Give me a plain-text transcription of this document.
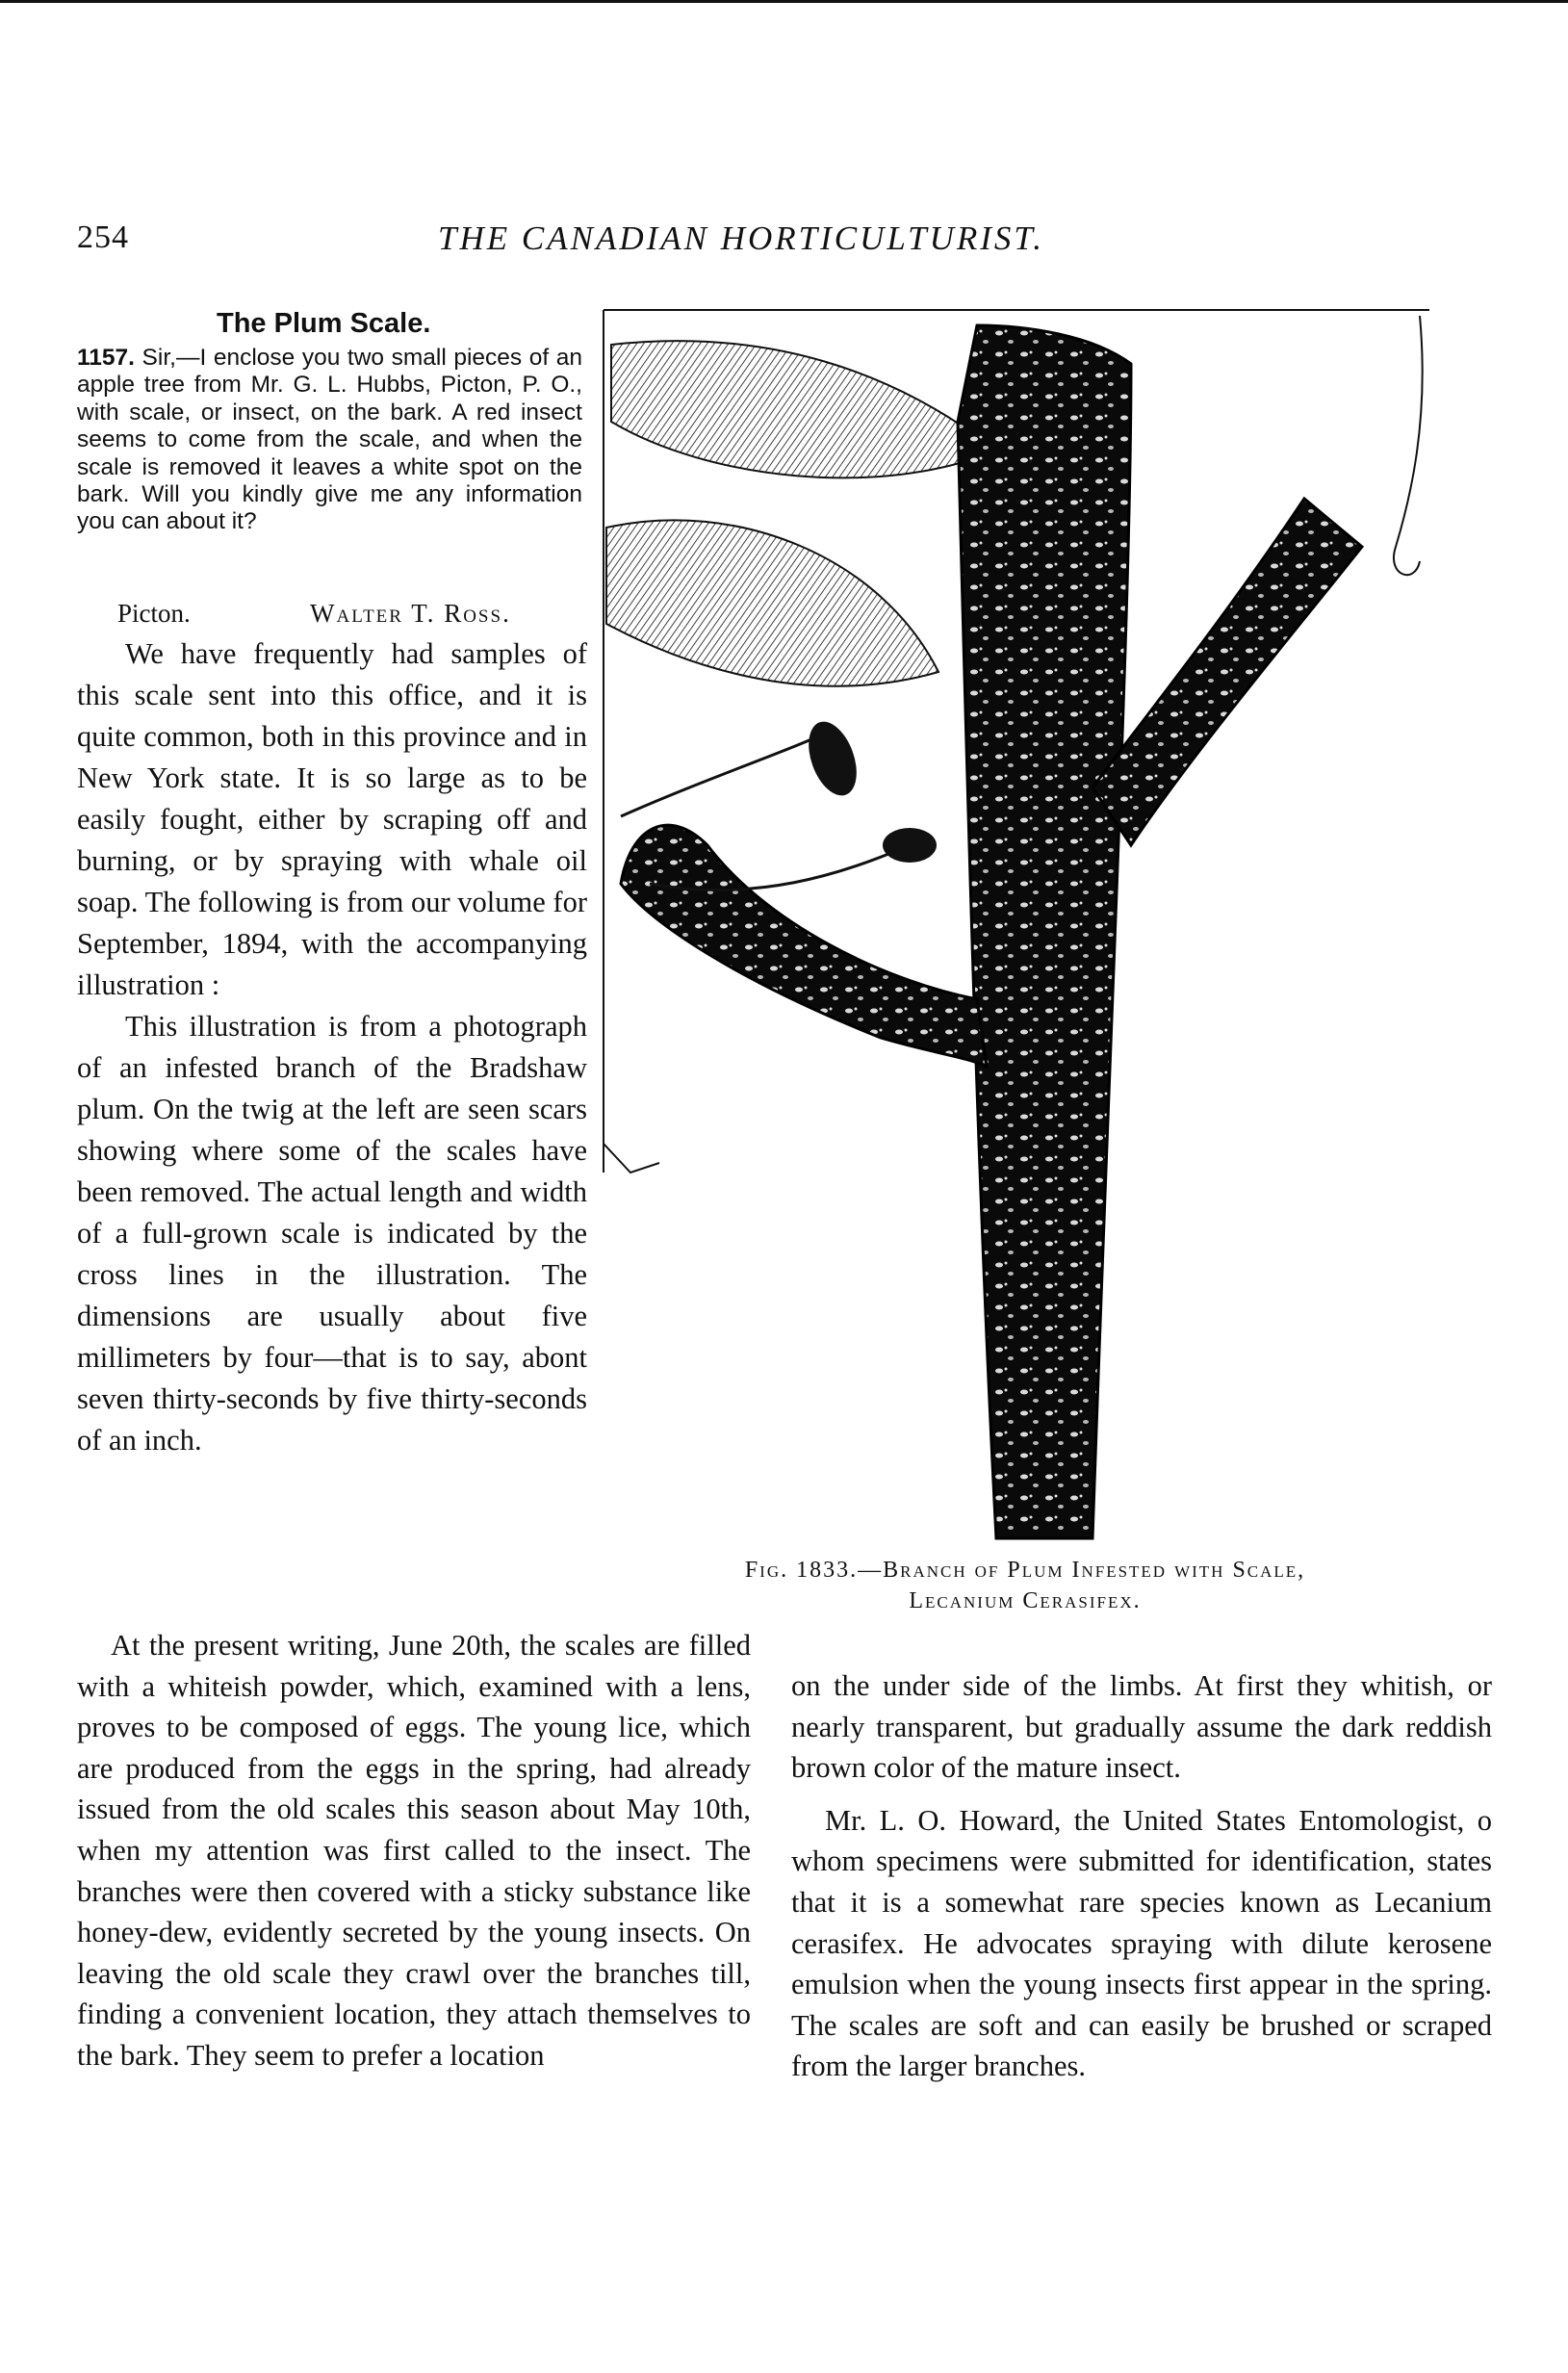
254	THE CANADIAN HORTICULTURIST.
The Plum Scale.

1157. Sir,—I enclose you two small pieces of an apple tree from Mr. G. L. Hubbs, Picton, P. O., with scale, or insect, on the bark. A red insect seems to come from the scale, and when the scale is removed it leaves a white spot on the bark. Will you kindly give me any information you can about it?

Picton.	Walter T. Ross.

We have frequently had samples of this scale sent into this office, and it is quite common, both in this province and in New York state. It is so large as to be easily fought, either by scraping off and burning, or by spraying with whale oil soap. The following is from our volume for September, 1894, with the accompanying illustration :

This illustration is from a photograph of an infested branch of the Bradshaw plum. On the twig at the left are seen scars showing where some of the scales have been removed. The actual length and width of a full-grown scale is indicated by the cross lines in the illustration. The dimensions are usually about five millimeters by four—that is to say, abont seven thirty-seconds by five thirty-seconds of an inch.

Fig. 1833.—Branch of Plum Infested with Scale,
Lecanium Cerasifex.

At the present writing, June 20th, the scales are filled with a whiteish powder, which, examined with a lens, proves to be composed of eggs. The young lice, which are produced from the eggs in the spring, had already issued from the old scales this season about May 10th, when my attention was first called to the insect. The branches were then covered with a sticky substance like honey-dew, evidently secreted by the young insects. On leaving the old scale they crawl over the branches till, finding a convenient location, they attach themselves to the bark. They seem to prefer a location

on the under side of the limbs. At first they whitish, or nearly transparent, but gradually assume the dark reddish brown color of the mature insect.

Mr. L. O. Howard, the United States Entomologist, o whom specimens were submitted for identification, states that it is a somewhat rare species known as Lecanium cerasifex. He advocates spraying with dilute kerosene emulsion when the young insects first appear in the spring. The scales are soft and can easily be brushed or scraped from the larger branches.
